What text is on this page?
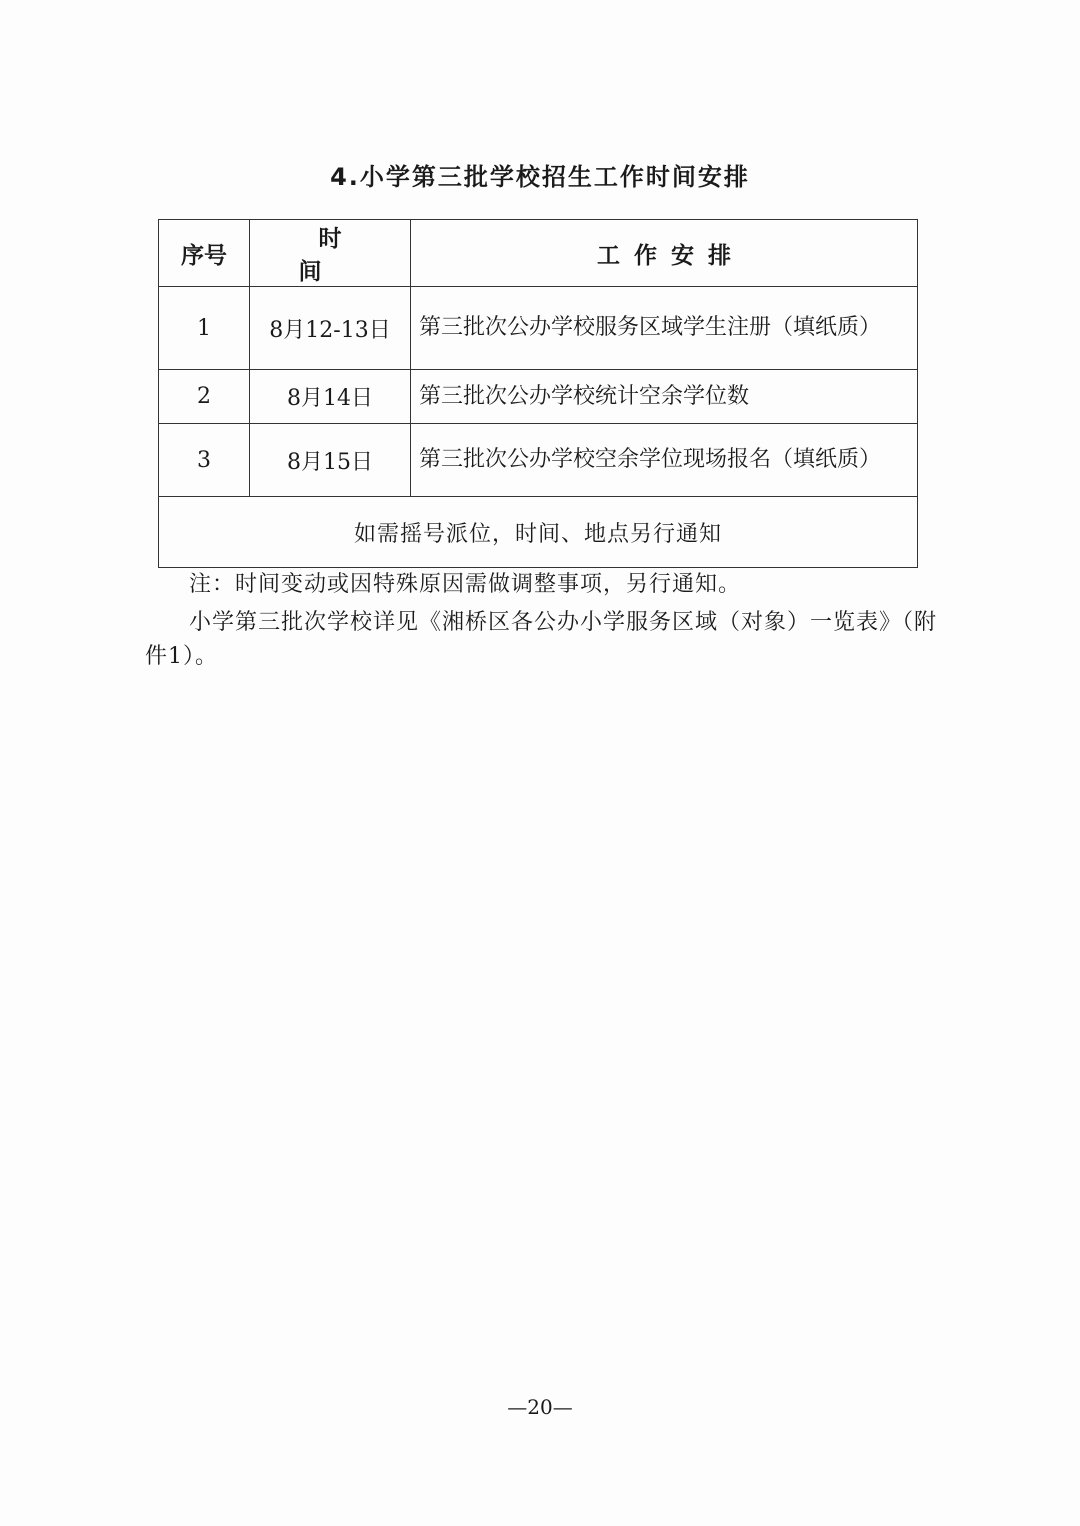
4.小学第三批学校招生工作时间安排
序号	时间	工作安排
1	8月12-13日	第三批次公办学校服务区域学生注册（填纸质）
2	8月14日	第三批次公办学校统计空余学位数
3	8月15日	第三批次公办学校空余学位现场报名（填纸质）
如需摇号派位，时间、地点另行通知		
注：时间变动或因特殊原因需做调整事项，另行通知。
小学第三批次学校详见《湘桥区各公办小学服务区域（对象）一览表》（附件1）。
—20—
